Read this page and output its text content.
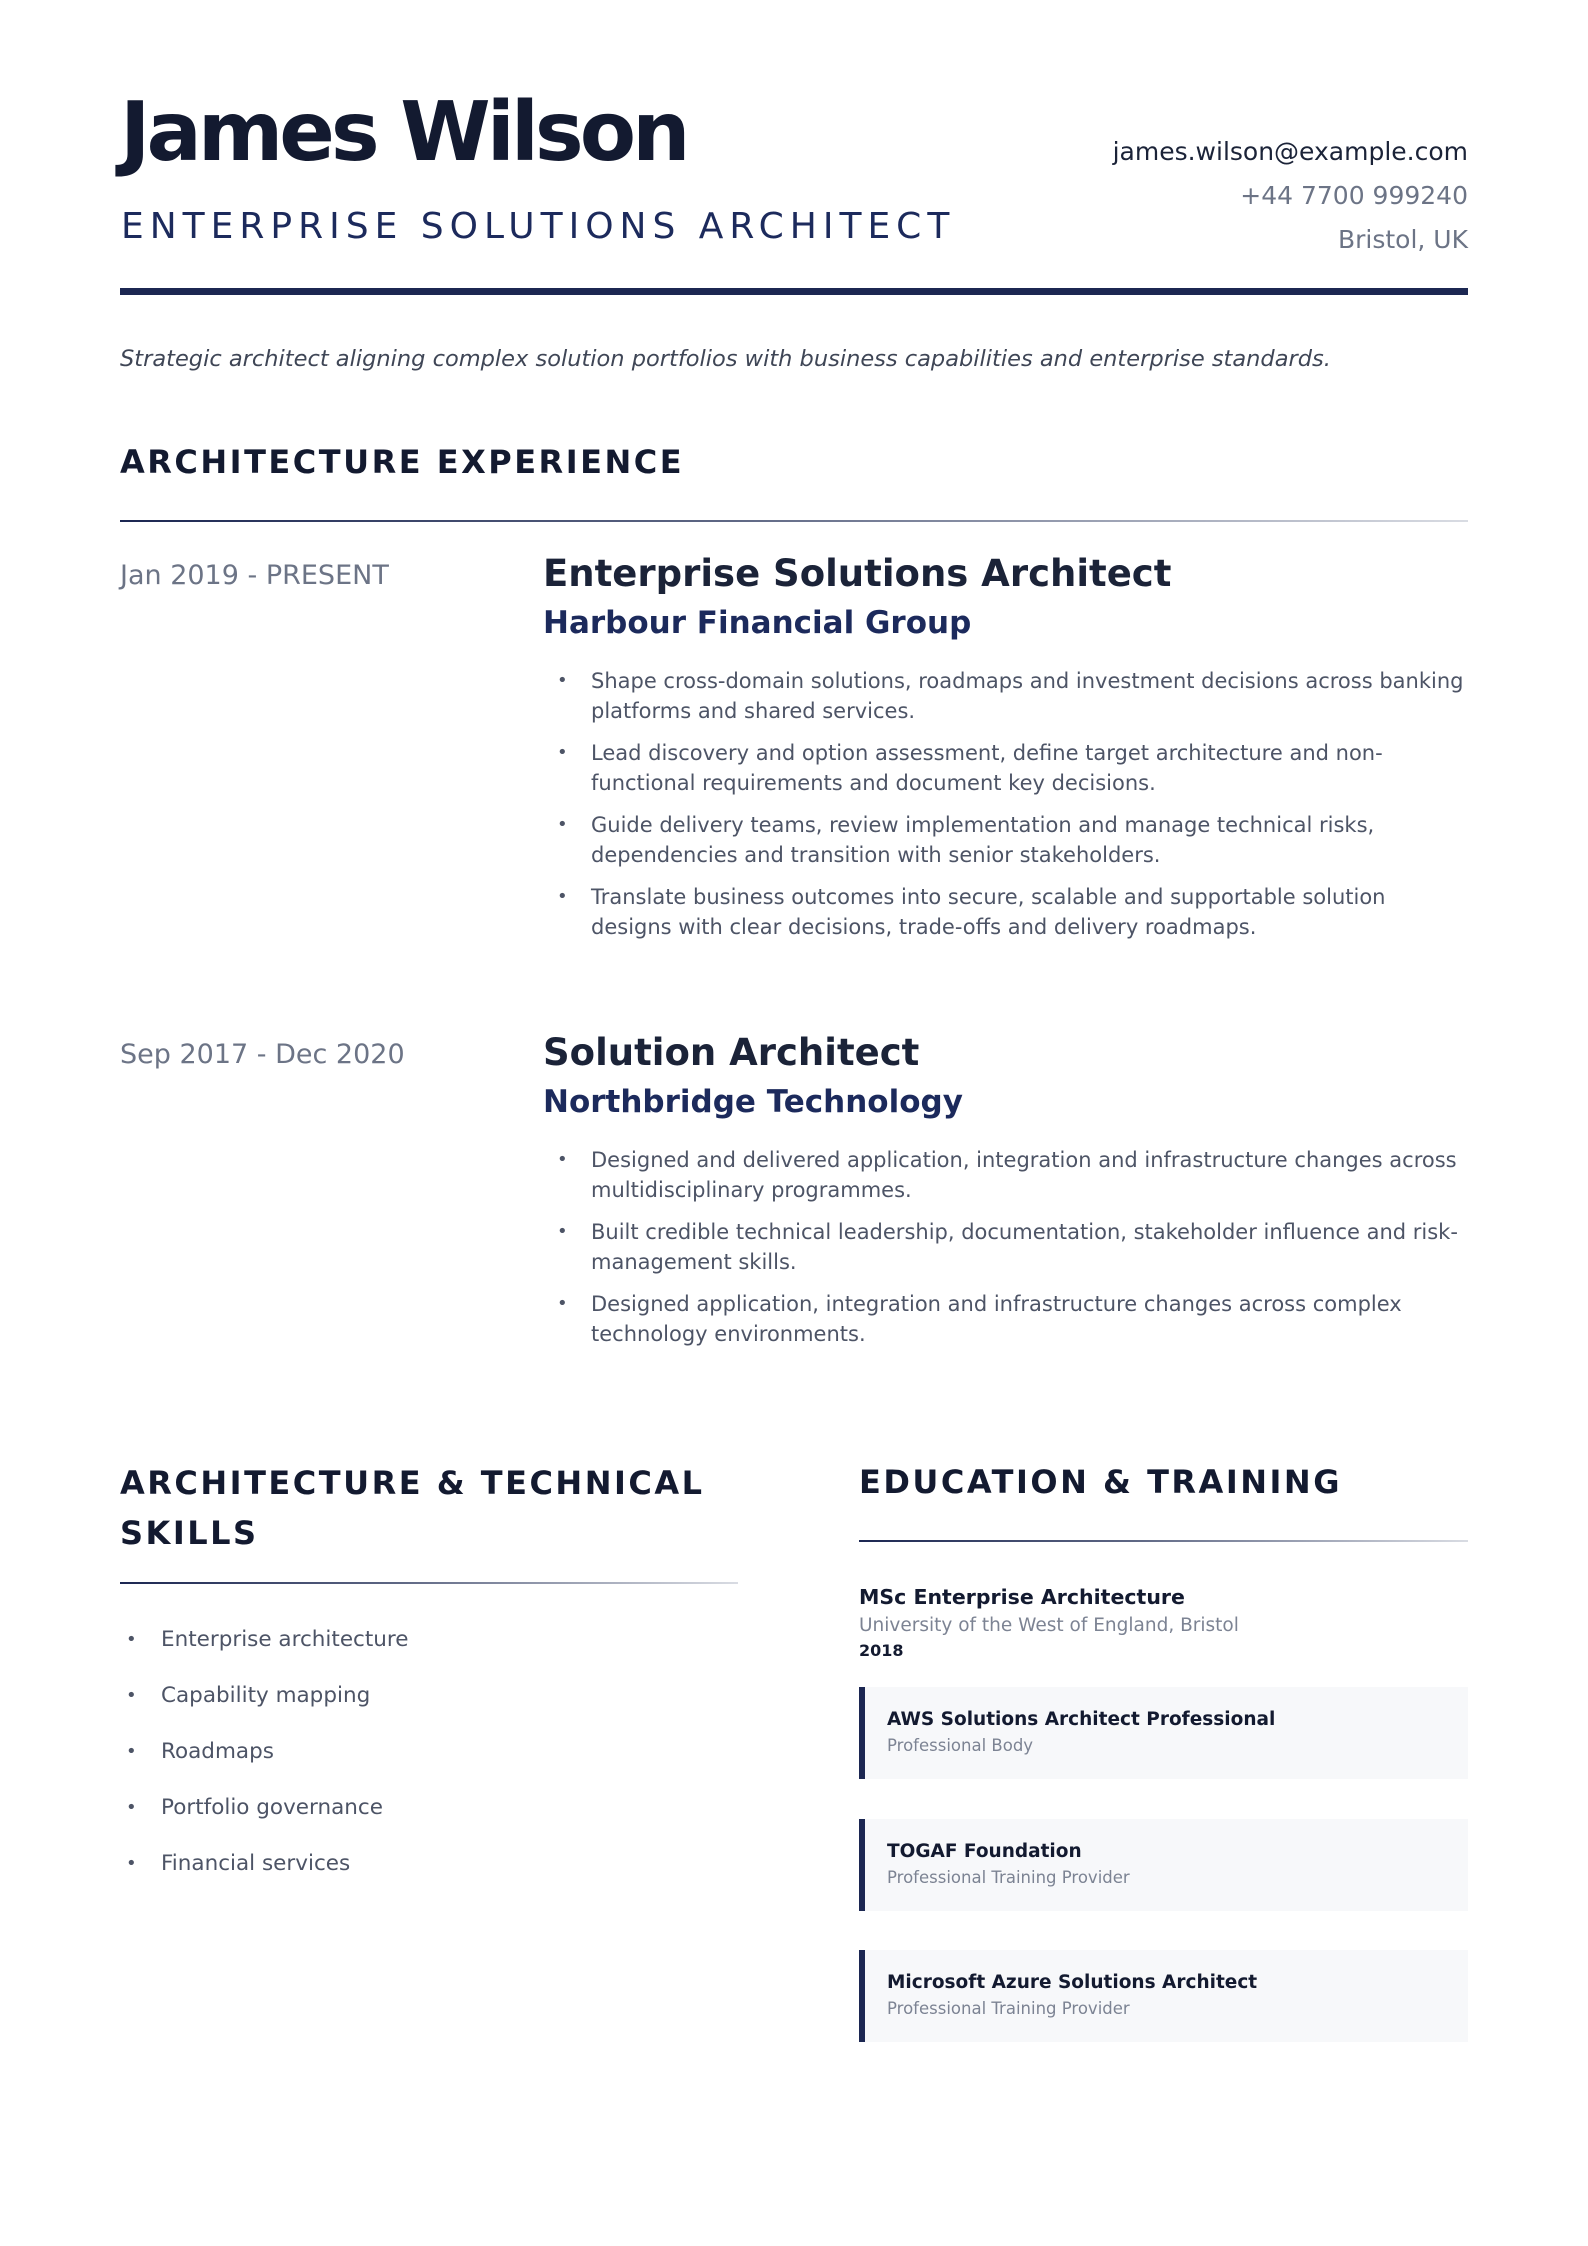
James Wilson
ENTERPRISE SOLUTIONS ARCHITECT
james.wilson@example.com
+44 7700 999240
Bristol, UK
Strategic architect aligning complex solution portfolios with business capabilities and enterprise standards.
ARCHITECTURE EXPERIENCE
Jan 2019 - PRESENT	Enterprise Solutions Architect
Harbour Financial Group
• Shape cross-domain solutions, roadmaps and investment decisions across banking platforms and shared services.
• Lead discovery and option assessment, define target architecture and non-functional requirements and document key decisions.
• Guide delivery teams, review implementation and manage technical risks, dependencies and transition with senior stakeholders.
• Translate business outcomes into secure, scalable and supportable solution designs with clear decisions, trade-offs and delivery roadmaps.
Sep 2017 - Dec 2020	Solution Architect
Northbridge Technology
• Designed and delivered application, integration and infrastructure changes across multidisciplinary programmes.
• Built credible technical leadership, documentation, stakeholder influence and risk-management skills.
• Designed application, integration and infrastructure changes across complex technology environments.
ARCHITECTURE & TECHNICAL
SKILLS
• Enterprise architecture
• Capability mapping
• Roadmaps
• Portfolio governance
• Financial services
EDUCATION & TRAINING
MSc Enterprise Architecture
University of the West of England, Bristol
2018
AWS Solutions Architect Professional
Professional Body
TOGAF Foundation
Professional Training Provider
Microsoft Azure Solutions Architect
Professional Training Provider
